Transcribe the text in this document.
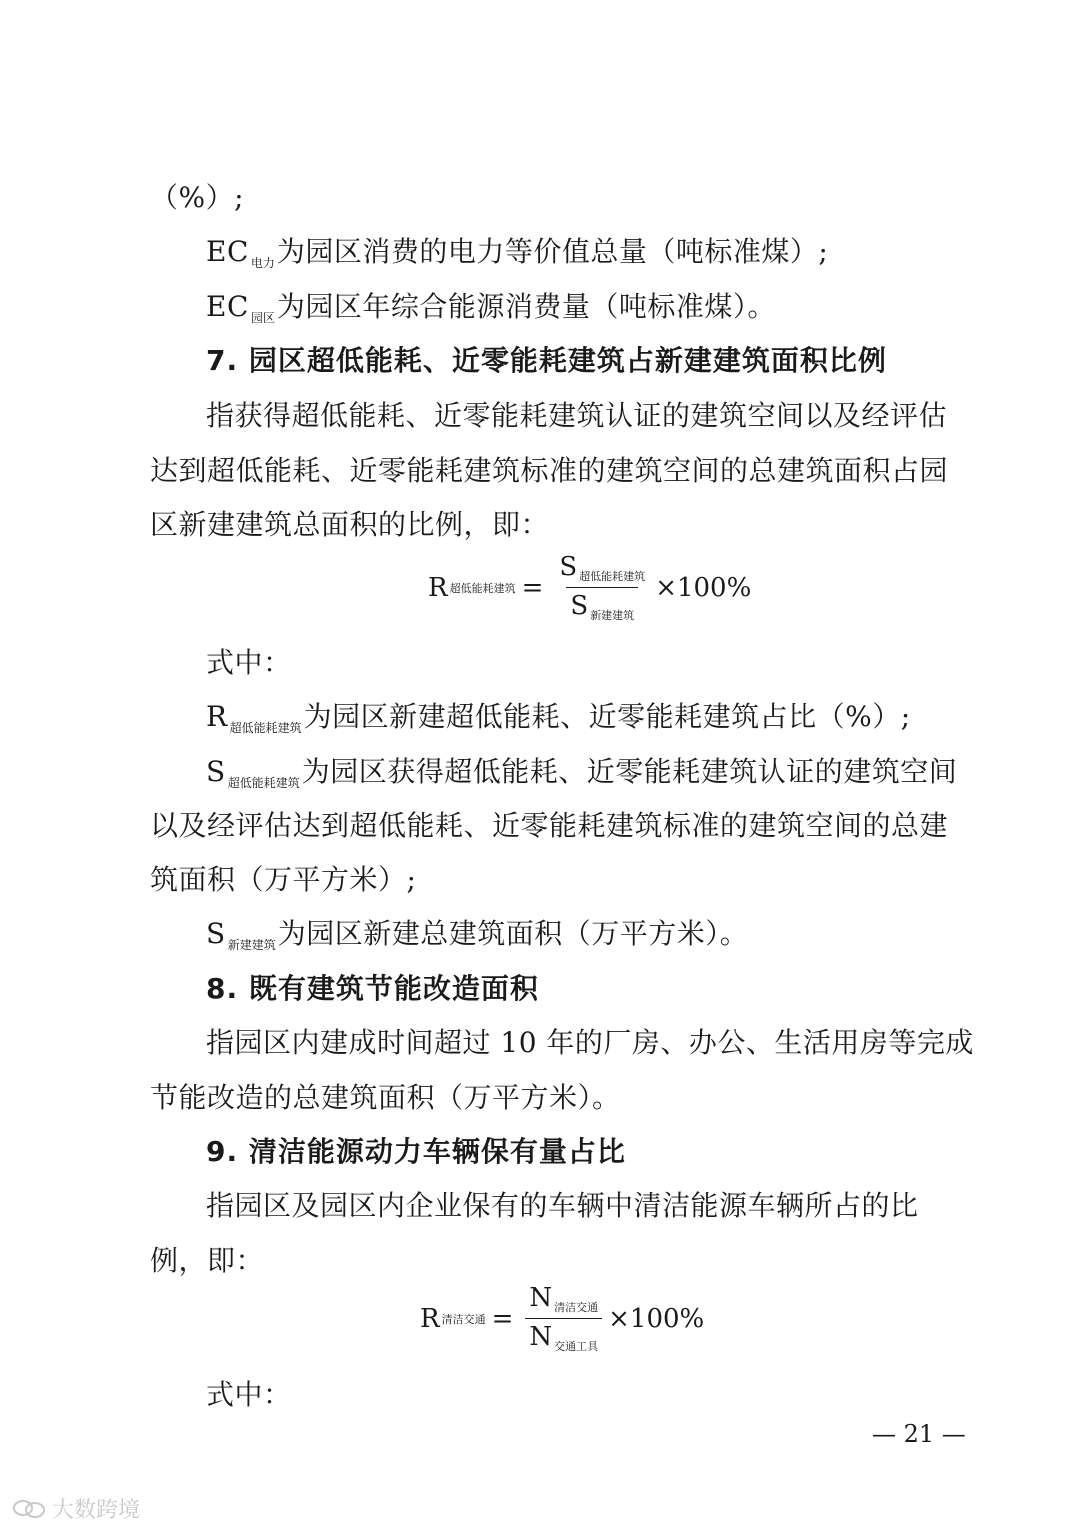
（%）;
EC $_{电力}$为园区消费的电力等价值总量（吨标准煤）;
EC $_{园区}$为园区年综合能源消费量（吨标准煤）。
7. 园区超低能耗、近零能耗建筑占新建建筑面积比例
指获得超低能耗、近零能耗建筑认证的建筑空间以及经评估
达到超低能耗、近零能耗建筑标准的建筑空间的总建筑面积占园
区新建建筑总面积的比例，即：
R 超低能耗建筑 = $\frac{\text{S 超低能耗建筑}}{\text{S 新建建筑}} \times 100\%$
式中：
R $_{超低能耗建筑}$为园区新建超低能耗、近零能耗建筑占比（%）;
S $_{超低能耗建筑}$为园区获得超低能耗、近零能耗建筑认证的建筑空间
以及经评估达到超低能耗、近零能耗建筑标准的建筑空间的总建
筑面积（万平方米）;
S $_{新建建筑}$为园区新建总建筑面积（万平方米）。
8. 既有建筑节能改造面积
指园区内建成时间超过 10 年的厂房、办公、生活用房等完成
节能改造的总建筑面积（万平方米）。
9. 清洁能源动力车辆保有量占比
指园区及园区内企业保有的车辆中清洁能源车辆所占的比
例，即：
R 清洁交通 = $\frac{\text{N 清洁交通}}{\text{N 交通工具}} \times 100\%$
式中：
— 21 —
大数跨境
